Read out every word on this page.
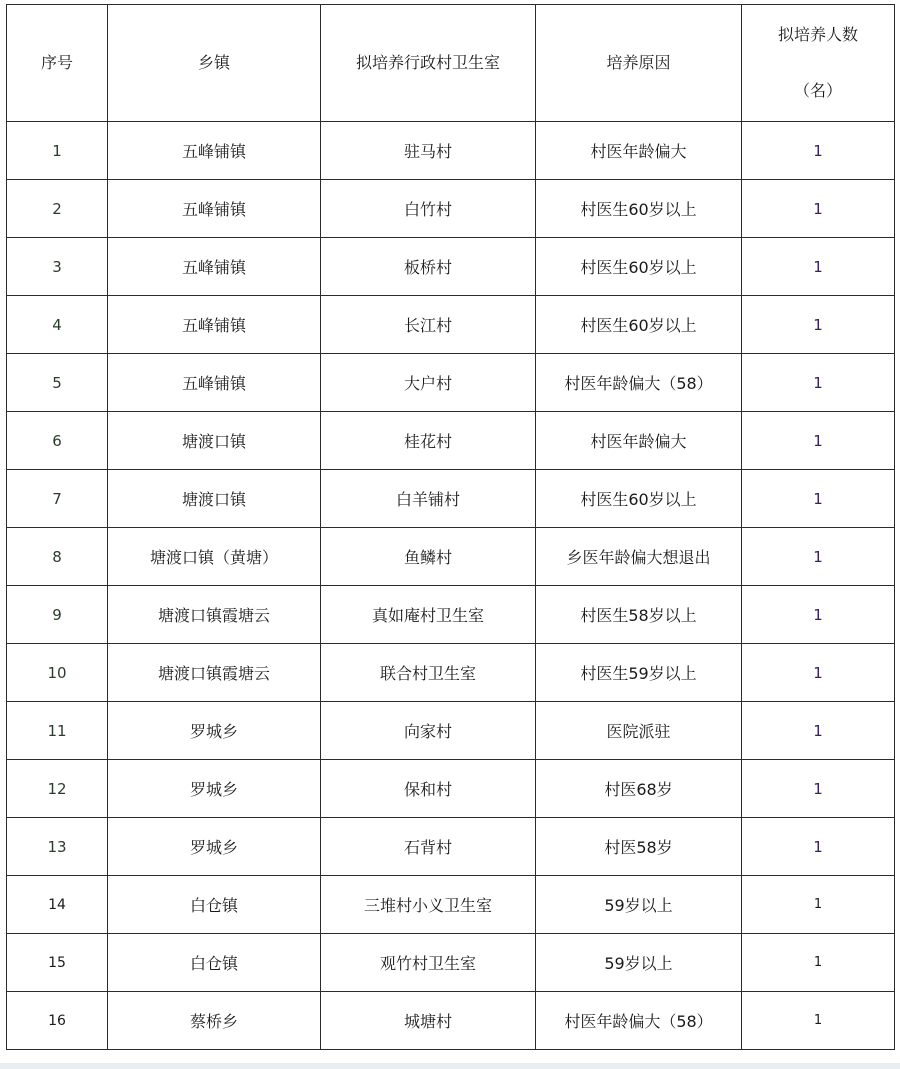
序号	乡镇	拟培养行政村卫生室	培养原因	拟培养人数
（名）

1	五峰铺镇	驻马村	村医年龄偏大	1
2	五峰铺镇	白竹村	村医生60岁以上	1
3	五峰铺镇	板桥村	村医生60岁以上	1
4	五峰铺镇	长江村	村医生60岁以上	1
5	五峰铺镇	大户村	村医年龄偏大（58）	1
6	塘渡口镇	桂花村	村医年龄偏大	1
7	塘渡口镇	白羊铺村	村医生60岁以上	1
8	塘渡口镇（黄塘）	鱼鳞村	乡医年龄偏大想退出	1
9	塘渡口镇霞塘云	真如庵村卫生室	村医生58岁以上	1
10	塘渡口镇霞塘云	联合村卫生室	村医生59岁以上	1
11	罗城乡	向家村	医院派驻	1
12	罗城乡	保和村	村医68岁	1
13	罗城乡	石背村	村医58岁	1
14	白仓镇	三堆村小义卫生室	59岁以上	1
15	白仓镇	观竹村卫生室	59岁以上	1
16	蔡桥乡	城塘村	村医年龄偏大（58）	1
